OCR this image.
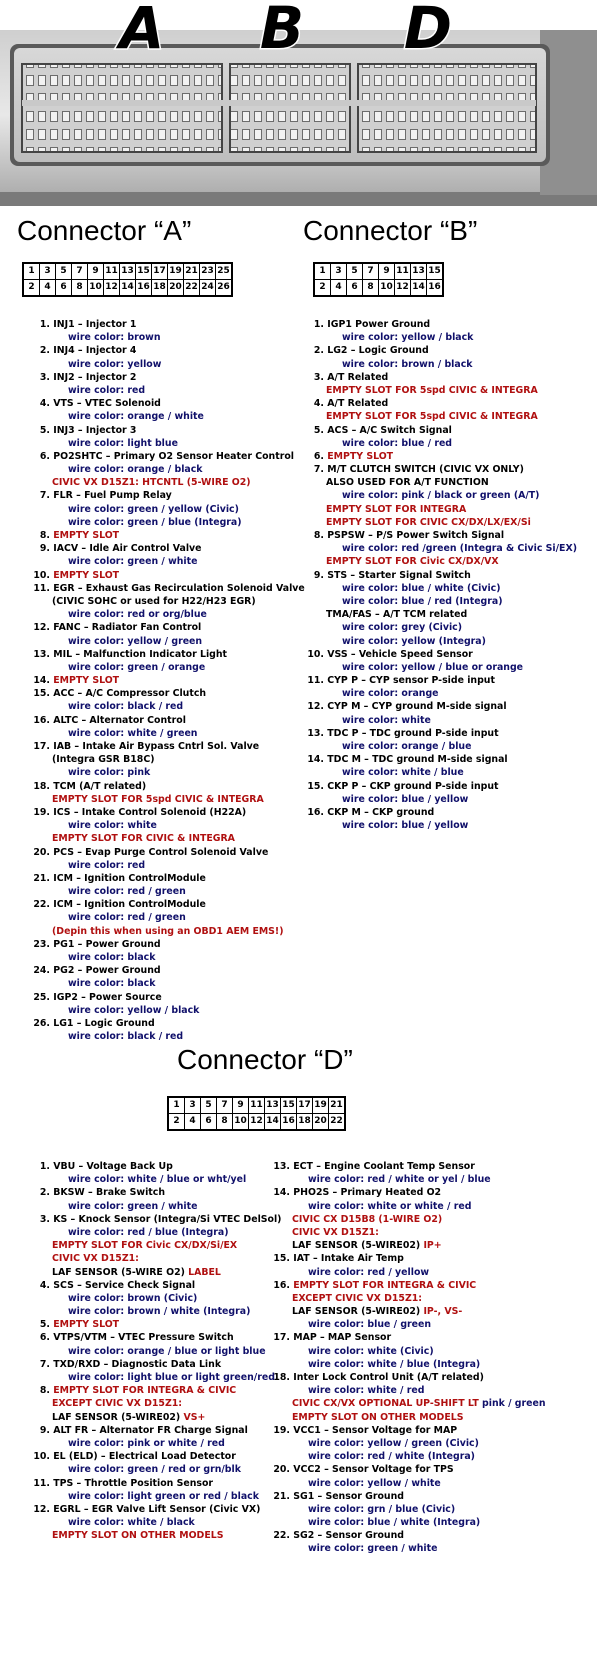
A B D
Connector “A”
1	3	5	7	9	11	13	15	17	19	21	23	25
2	4	6	8	10	12	14	16	18	20	22	24	26
1. INJ1 – Injector 1
wire color: brown
2. INJ4 – Injector 4
wire color: yellow
3. INJ2 – Injector 2
wire color: red
4. VTS – VTEC Solenoid
wire color: orange / white
5. INJ3 – Injector 3
wire color: light blue
6. PO2SHTC – Primary O2 Sensor Heater Control
wire color: orange / black
CIVIC VX D15Z1: HTCNTL (5-WIRE O2)
7. FLR – Fuel Pump Relay
wire color: green / yellow (Civic)
wire color: green / blue (Integra)
8. EMPTY SLOT
9. IACV – Idle Air Control Valve
wire color: green / white
10. EMPTY SLOT
11. EGR – Exhaust Gas Recirculation Solenoid Valve
(CIVIC SOHC or used for H22/H23 EGR)
wire color: red or org/blue
12. FANC – Radiator Fan Control
wire color: yellow / green
13. MIL – Malfunction Indicator Light
wire color: green / orange
14. EMPTY SLOT
15. ACC – A/C Compressor Clutch
wire color: black / red
16. ALTC – Alternator Control
wire color: white / green
17. IAB – Intake Air Bypass Cntrl Sol. Valve
(Integra GSR B18C)
wire color: pink
18. TCM (A/T related)
EMPTY SLOT FOR 5spd CIVIC & INTEGRA
19. ICS – Intake Control Solenoid (H22A)
wire color: white
EMPTY SLOT FOR CIVIC & INTEGRA
20. PCS – Evap Purge Control Solenoid Valve
wire color: red
21. ICM – Ignition ControlModule
wire color: red / green
22. ICM – Ignition ControlModule
wire color: red / green
(Depin this when using an OBD1 AEM EMS!)
23. PG1 – Power Ground
wire color: black
24. PG2 – Power Ground
wire color: black
25. IGP2 – Power Source
wire color: yellow / black
26. LG1 – Logic Ground
wire color: black / red
Connector “B”
1	3	5	7	9	11	13	15
2	4	6	8	10	12	14	16
1. IGP1 Power Ground
wire color: yellow / black
2. LG2 – Logic Ground
wire color: brown / black
3. A/T Related
EMPTY SLOT FOR 5spd CIVIC & INTEGRA
4. A/T Related
EMPTY SLOT FOR 5spd CIVIC & INTEGRA
5. ACS – A/C Switch Signal
wire color: blue / red
6. EMPTY SLOT
7. M/T CLUTCH SWITCH (CIVIC VX ONLY)
ALSO USED FOR A/T FUNCTION
wire color: pink / black or green (A/T)
EMPTY SLOT FOR INTEGRA
EMPTY SLOT FOR CIVIC CX/DX/LX/EX/Si
8. PSPSW – P/S Power Switch Signal
wire color: red /green (Integra & Civic Si/EX)
EMPTY SLOT FOR Civic CX/DX/VX
9. STS – Starter Signal Switch
wire color: blue / white (Civic)
wire color: blue / red (Integra)
TMA/FAS – A/T TCM related
wire color: grey (Civic)
wire color: yellow (Integra)
10. VSS – Vehicle Speed Sensor
wire color: yellow / blue or orange
11. CYP P – CYP sensor P-side input
wire color: orange
12. CYP M – CYP ground M-side signal
wire color: white
13. TDC P – TDC ground P-side input
wire color: orange / blue
14. TDC M – TDC ground M-side signal
wire color: white / blue
15. CKP P – CKP ground P-side input
wire color: blue / yellow
16. CKP M – CKP ground
wire color: blue / yellow
Connector “D”
1	3	5	7	9	11	13	15	17	19	21
2	4	6	8	10	12	14	16	18	20	22
1. VBU – Voltage Back Up
wire color: white / blue or wht/yel
2. BKSW – Brake Switch
wire color: green / white
3. KS – Knock Sensor (Integra/Si VTEC DelSol)
wire color: red / blue (Integra)
EMPTY SLOT FOR Civic CX/DX/Si/EX
CIVIC VX D15Z1:
LAF SENSOR (5-WIRE O2) LABEL
4. SCS – Service Check Signal
wire color: brown (Civic)
wire color: brown / white (Integra)
5. EMPTY SLOT
6. VTPS/VTM – VTEC Pressure Switch
wire color: orange / blue or light blue
7. TXD/RXD – Diagnostic Data Link
wire color: light blue or light green/red
8. EMPTY SLOT FOR INTEGRA & CIVIC
EXCEPT CIVIC VX D15Z1:
LAF SENSOR (5-WIRE02) VS+
9. ALT FR – Alternator FR Charge Signal
wire color: pink or white / red
10. EL (ELD) – Electrical Load Detector
wire color: green / red or grn/blk
11. TPS – Throttle Position Sensor
wire color: light green or red / black
12. EGRL – EGR Valve Lift Sensor (Civic VX)
wire color: white / black
EMPTY SLOT ON OTHER MODELS
13. ECT – Engine Coolant Temp Sensor
wire color: red / white or yel / blue
14. PHO2S – Primary Heated O2
wire color: white or white / red
CIVIC CX D15B8 (1-WIRE O2)
CIVIC VX D15Z1:
LAF SENSOR (5-WIRE02) IP+
15. IAT – Intake Air Temp
wire color: red / yellow
16. EMPTY SLOT FOR INTEGRA & CIVIC
EXCEPT CIVIC VX D15Z1:
LAF SENSOR (5-WIRE02) IP-, VS-
wire color: blue / green
17. MAP – MAP Sensor
wire color: white (Civic)
wire color: white / blue (Integra)
18. Inter Lock Control Unit (A/T related)
wire color: white / red
CIVIC CX/VX OPTIONAL UP-SHIFT LT pink / green
EMPTY SLOT ON OTHER MODELS
19. VCC1 – Sensor Voltage for MAP
wire color: yellow / green (Civic)
wire color: red / white (Integra)
20. VCC2 – Sensor Voltage for TPS
wire color: yellow / white
21. SG1 – Sensor Ground
wire color: grn / blue (Civic)
wire color: blue / white (Integra)
22. SG2 – Sensor Ground
wire color: green / white
